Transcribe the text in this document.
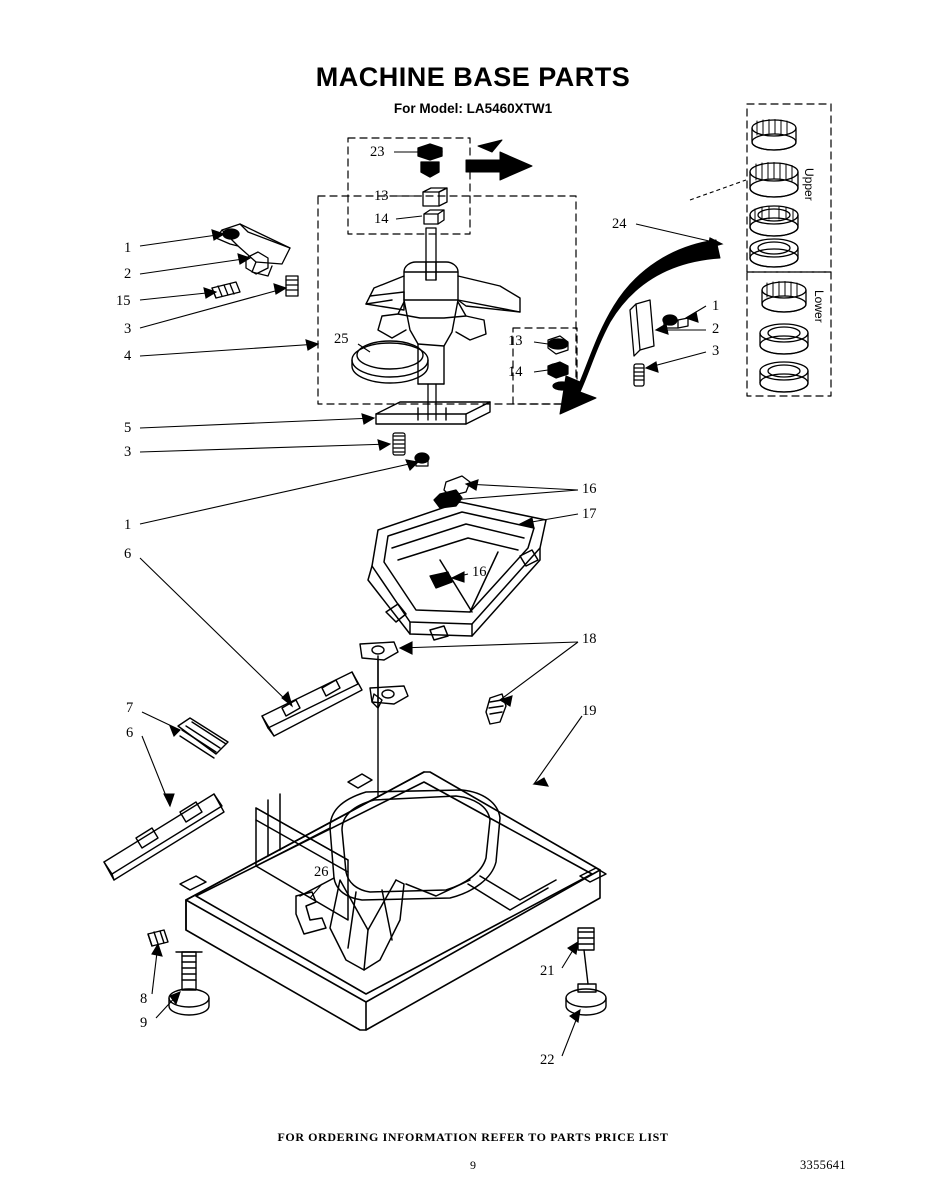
MACHINE BASE PARTS
For Model: LA5460XTW1
1
2
15
3
4
23
13
14
25
24
1
2
3
13
14
5
3
1
6
16
17
16
18
19
7
6
26
8
9
21
22
Upper
Lower
FOR ORDERING INFORMATION REFER TO PARTS PRICE LIST
9	3355641
